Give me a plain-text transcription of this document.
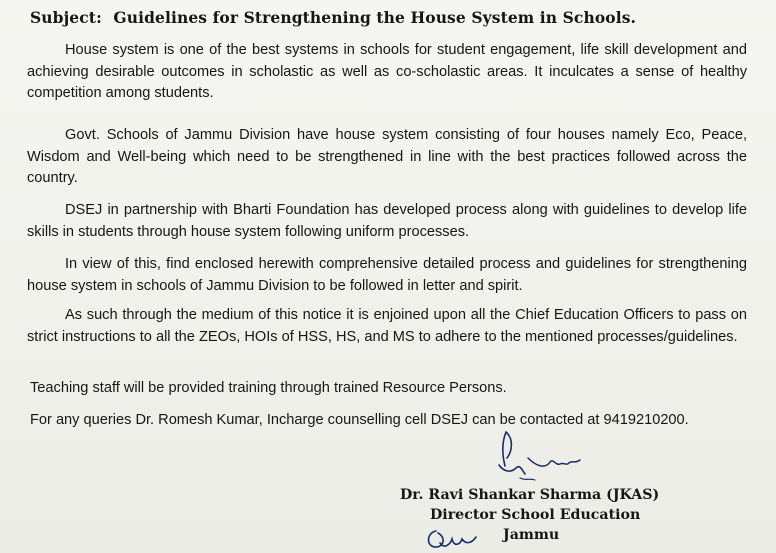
Subject: Guidelines for Strengthening the House System in Schools.
House system is one of the best systems in schools for student engagement, life skill development and achieving desirable outcomes in scholastic as well as co-scholastic areas. It inculcates a sense of healthy competition among students.
Govt. Schools of Jammu Division have house system consisting of four houses namely Eco, Peace, Wisdom and Well-being which need to be strengthened in line with the best practices followed across the country.
DSEJ in partnership with Bharti Foundation has developed process along with guidelines to develop life skills in students through house system following uniform processes.
In view of this, find enclosed herewith comprehensive detailed process and guidelines for strengthening house system in schools of Jammu Division to be followed in letter and spirit.
As such through the medium of this notice it is enjoined upon all the Chief Education Officers to pass on strict instructions to all the ZEOs, HOIs of HSS, HS, and MS to adhere to the mentioned processes/guidelines.
Teaching staff will be provided training through trained Resource Persons.
For any queries Dr. Romesh Kumar, Incharge counselling cell DSEJ can be contacted at 9419210200.
Dr. Ravi Shankar Sharma (JKAS)
Director School Education
Jammu
